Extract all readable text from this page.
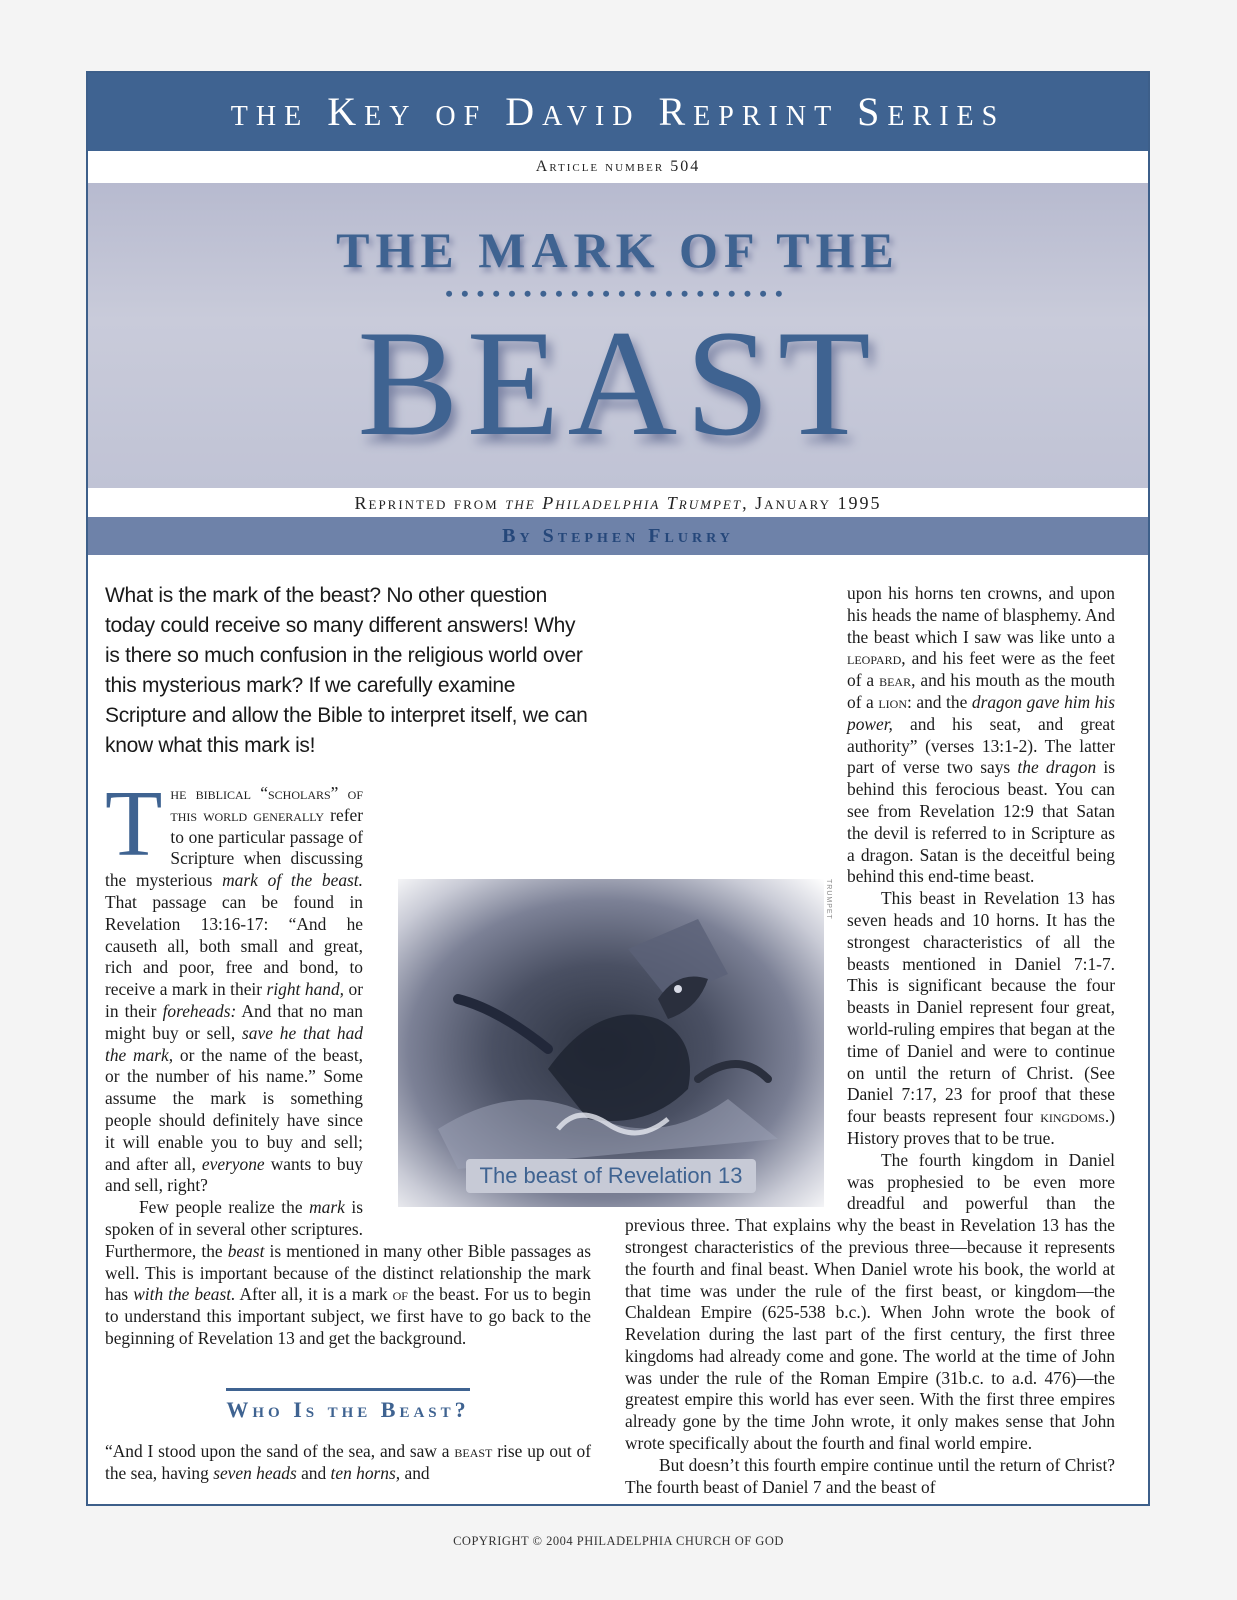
the Key of David Reprint Series
Article number 504
THE MARK OF THE
••••••••••••••••••••••
BEAST
Reprinted from the Philadelphia Trumpet, January 1995
By Stephen Flurry

What is the mark of the beast? No other question today could receive so many different answers! Why is there so much confusion in the religious world over this mysterious mark? If we carefully examine Scripture and allow the Bible to interpret itself, we can know what this mark is!

The biblical “scholars” of this world generally refer to one particular passage of Scripture when discussing the mysterious mark of the beast. That passage can be found in Revelation 13:16-17: “And he causeth all, both small and great, rich and poor, free and bond, to receive a mark in their right hand, or in their foreheads: And that no man might buy or sell, save he that had the mark, or the name of the beast, or the number of his name.” Some assume the mark is something people should definitely have since it will enable you to buy and sell; and after all, everyone wants to buy and sell, right?
Few people realize the mark is spoken of in several other scriptures. Furthermore, the beast is mentioned in many other Bible passages as well. This is important because of the distinct relationship the mark has with the beast. After all, it is a mark of the beast. For us to begin to understand this important subject, we first have to go back to the beginning of Revelation 13 and get the background.
Who Is the Beast?

“And I stood upon the sand of the sea, and saw a beast rise up out of the sea, having seven heads and ten horns, and

upon his horns ten crowns, and upon his heads the name of blasphemy. And the beast which I saw was like unto a leopard, and his feet were as the feet of a bear, and his mouth as the mouth of a lion: and the dragon gave him his power, and his seat, and great authority” (verses 13:1-2). The latter part of verse two says the dragon is behind this ferocious beast. You can see from Revelation 12:9 that Satan the devil is referred to in Scripture as a dragon. Satan is the deceitful being behind this end-time beast.
This beast in Revelation 13 has seven heads and 10 horns. It has the strongest characteristics of all the beasts mentioned in Daniel 7:1-7. This is significant because the four beasts in Daniel represent four great, world-ruling empires that began at the time of Daniel and were to continue on until the return of Christ. (See Daniel 7:17, 23 for proof that these four beasts represent four kingdoms.) History proves that to be true.
The fourth kingdom in Daniel was prophesied to be even more dreadful and powerful than the previous three. That explains why the beast in Revelation 13 has the strongest characteristics of the previous three—because it represents the fourth and final beast. When Daniel wrote his book, the world at that time was under the rule of the first beast, or kingdom—the Chaldean Empire (625-538 b.c.). When John wrote the book of Revelation during the last part of the first century, the first three kingdoms had already come and gone. The world at the time of John was under the rule of the Roman Empire (31b.c. to a.d. 476)—the greatest empire this world has ever seen. With the first three empires already gone by the time John wrote, it only makes sense that John wrote specifically about the fourth and final world empire.
But doesn’t this fourth empire continue until the return of Christ? The fourth beast of Daniel 7 and the beast of
The beast of Revelation 13
TRUMPET
COPYRIGHT © 2004 PHILADELPHIA CHURCH OF GOD
